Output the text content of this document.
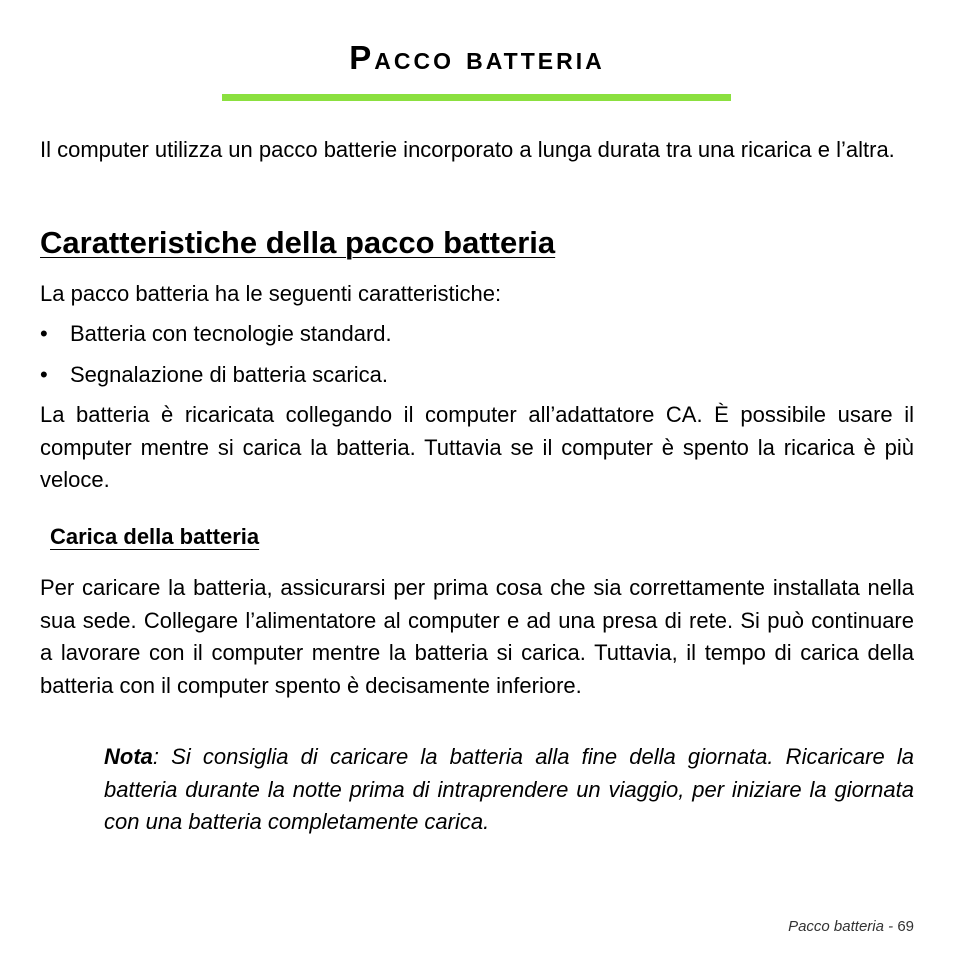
Pacco batteria

Il computer utilizza un pacco batterie incorporato a lunga durata tra una ricarica e l’altra.

Caratteristiche della pacco batteria

La pacco batteria ha le seguenti caratteristiche:

• Batteria con tecnologie standard.
• Segnalazione di batteria scarica.

La batteria è ricaricata collegando il computer all’adattatore CA. È possibile usare il computer mentre si carica la batteria. Tuttavia se il computer è spento la ricarica è più veloce.

Carica della batteria

Per caricare la batteria, assicurarsi per prima cosa che sia correttamente installata nella sua sede. Collegare l’alimentatore al computer e ad una presa di rete. Si può continuare a lavorare con il computer mentre la batteria si carica. Tuttavia, il tempo di carica della batteria con il computer spento è decisamente inferiore.

Nota: Si consiglia di caricare la batteria alla fine della giornata. Ricaricare la batteria durante la notte prima di intraprendere un viaggio, per iniziare la giornata con una batteria completamente carica.

Pacco batteria - 69
